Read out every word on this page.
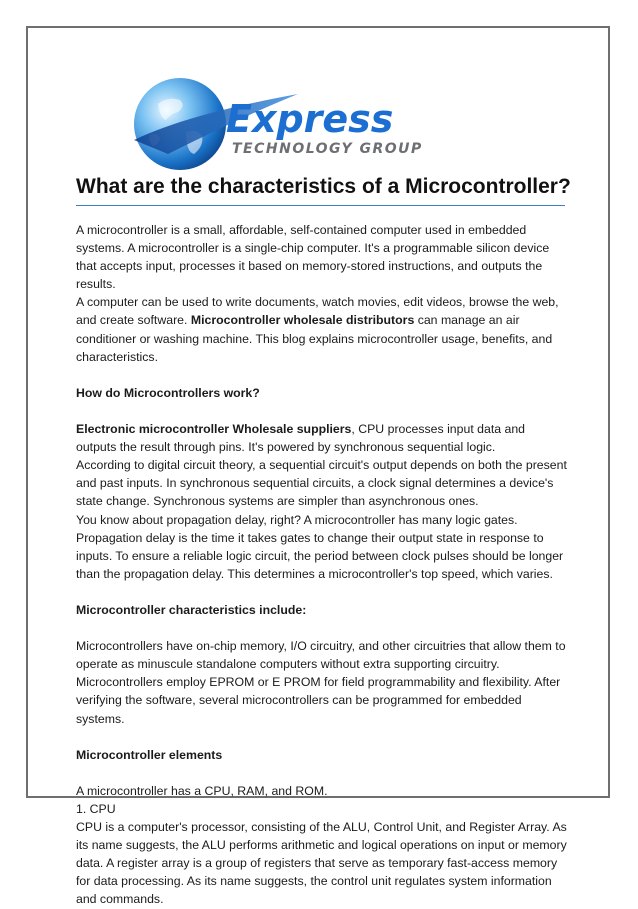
Express
TECHNOLOGY GROUP
What are the characteristics of a Microcontroller?

A microcontroller is a small, affordable, self-contained computer used in embedded systems. A microcontroller is a single-chip computer. It's a programmable silicon device that accepts input, processes it based on memory-stored instructions, and outputs the results.

A computer can be used to write documents, watch movies, edit videos, browse the web, and create software. Microcontroller wholesale distributors can manage an air conditioner or washing machine. This blog explains microcontroller usage, benefits, and characteristics.

How do Microcontrollers work?

Electronic microcontroller Wholesale suppliers, CPU processes input data and outputs the result through pins. It's powered by synchronous sequential logic.

According to digital circuit theory, a sequential circuit's output depends on both the present and past inputs. In synchronous sequential circuits, a clock signal determines a device's state change. Synchronous systems are simpler than asynchronous ones.

You know about propagation delay, right? A microcontroller has many logic gates. Propagation delay is the time it takes gates to change their output state in response to inputs. To ensure a reliable logic circuit, the period between clock pulses should be longer than the propagation delay. This determines a microcontroller's top speed, which varies.

Microcontroller characteristics include:

Microcontrollers have on-chip memory, I/O circuitry, and other circuitries that allow them to operate as minuscule standalone computers without extra supporting circuitry.

Microcontrollers employ EPROM or E PROM for field programmability and flexibility. After verifying the software, several microcontrollers can be programmed for embedded systems.

Microcontroller elements

A microcontroller has a CPU, RAM, and ROM.

1. CPU

CPU is a computer's processor, consisting of the ALU, Control Unit, and Register Array. As its name suggests, the ALU performs arithmetic and logical operations on input or memory data. A register array is a group of registers that serve as temporary fast-access memory for data processing. As its name suggests, the control unit regulates system information and commands.
